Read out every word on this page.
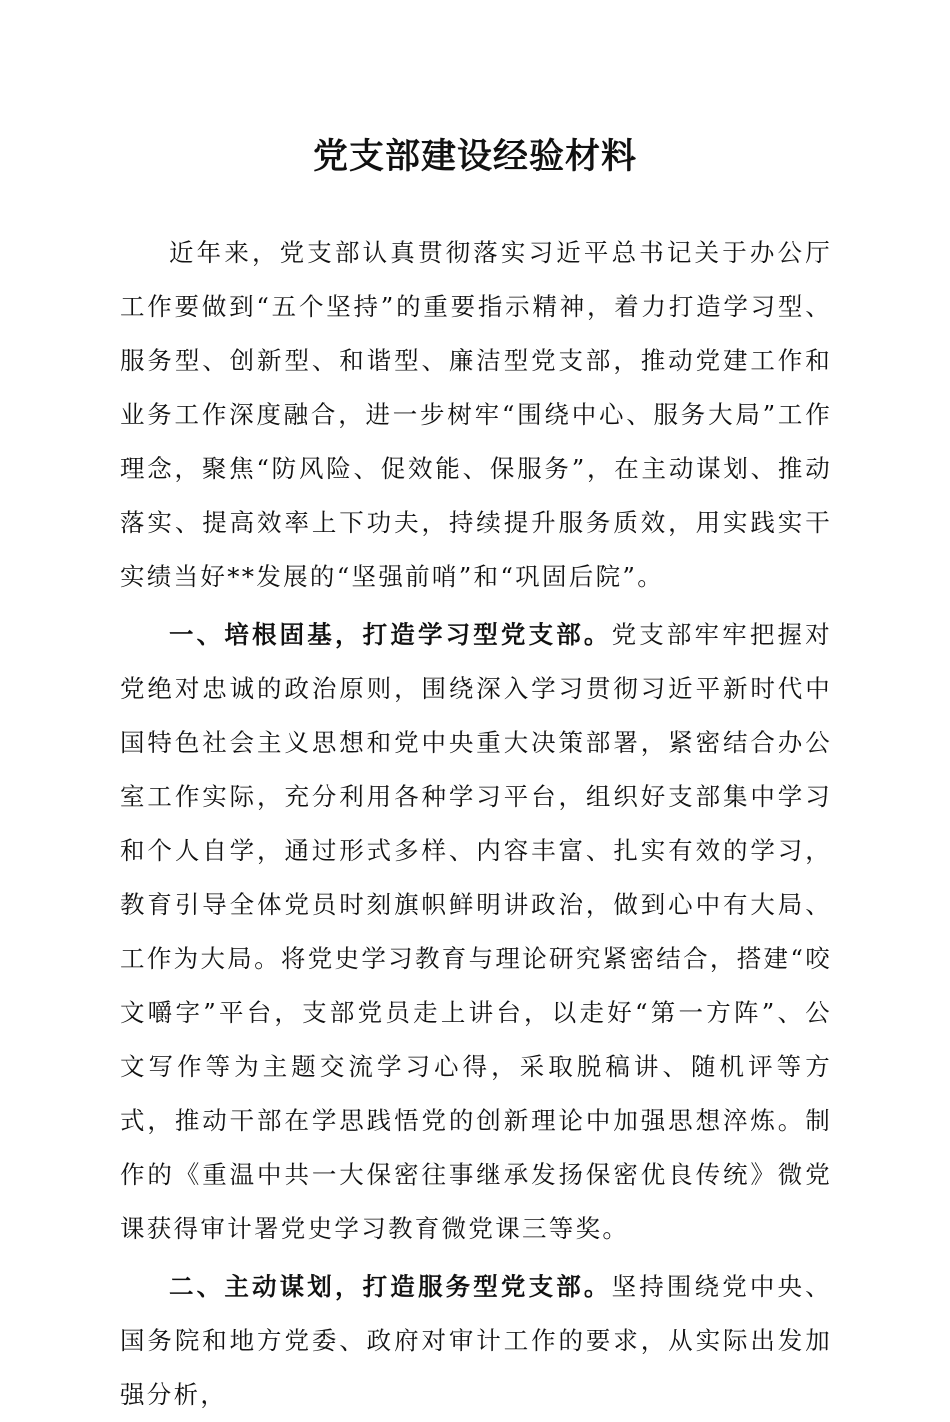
党支部建设经验材料

近年来，党支部认真贯彻落实习近平总书记关于办公厅工作要做到“五个坚持”的重要指示精神，着力打造学习型、服务型、创新型、和谐型、廉洁型党支部，推动党建工作和业务工作深度融合，进一步树牢“围绕中心、服务大局”工作理念，聚焦“防风险、促效能、保服务”，在主动谋划、推动落实、提高效率上下功夫，持续提升服务质效，用实践实干实绩当好**发展的“坚强前哨”和“巩固后院”。

一、培根固基，打造学习型党支部。党支部牢牢把握对党绝对忠诚的政治原则，围绕深入学习贯彻习近平新时代中国特色社会主义思想和党中央重大决策部署，紧密结合办公室工作实际，充分利用各种学习平台，组织好支部集中学习和个人自学，通过形式多样、内容丰富、扎实有效的学习，教育引导全体党员时刻旗帜鲜明讲政治，做到心中有大局、工作为大局。将党史学习教育与理论研究紧密结合，搭建“咬文嚼字”平台，支部党员走上讲台，以走好“第一方阵”、公文写作等为主题交流学习心得，采取脱稿讲、随机评等方式，推动干部在学思践悟党的创新理论中加强思想淬炼。制作的《重温中共一大保密往事继承发扬保密优良传统》微党课获得审计署党史学习教育微党课三等奖。

二、主动谋划，打造服务型党支部。坚持围绕党中央、国务院和地方党委、政府对审计工作的要求，从实际出发加强分析，
